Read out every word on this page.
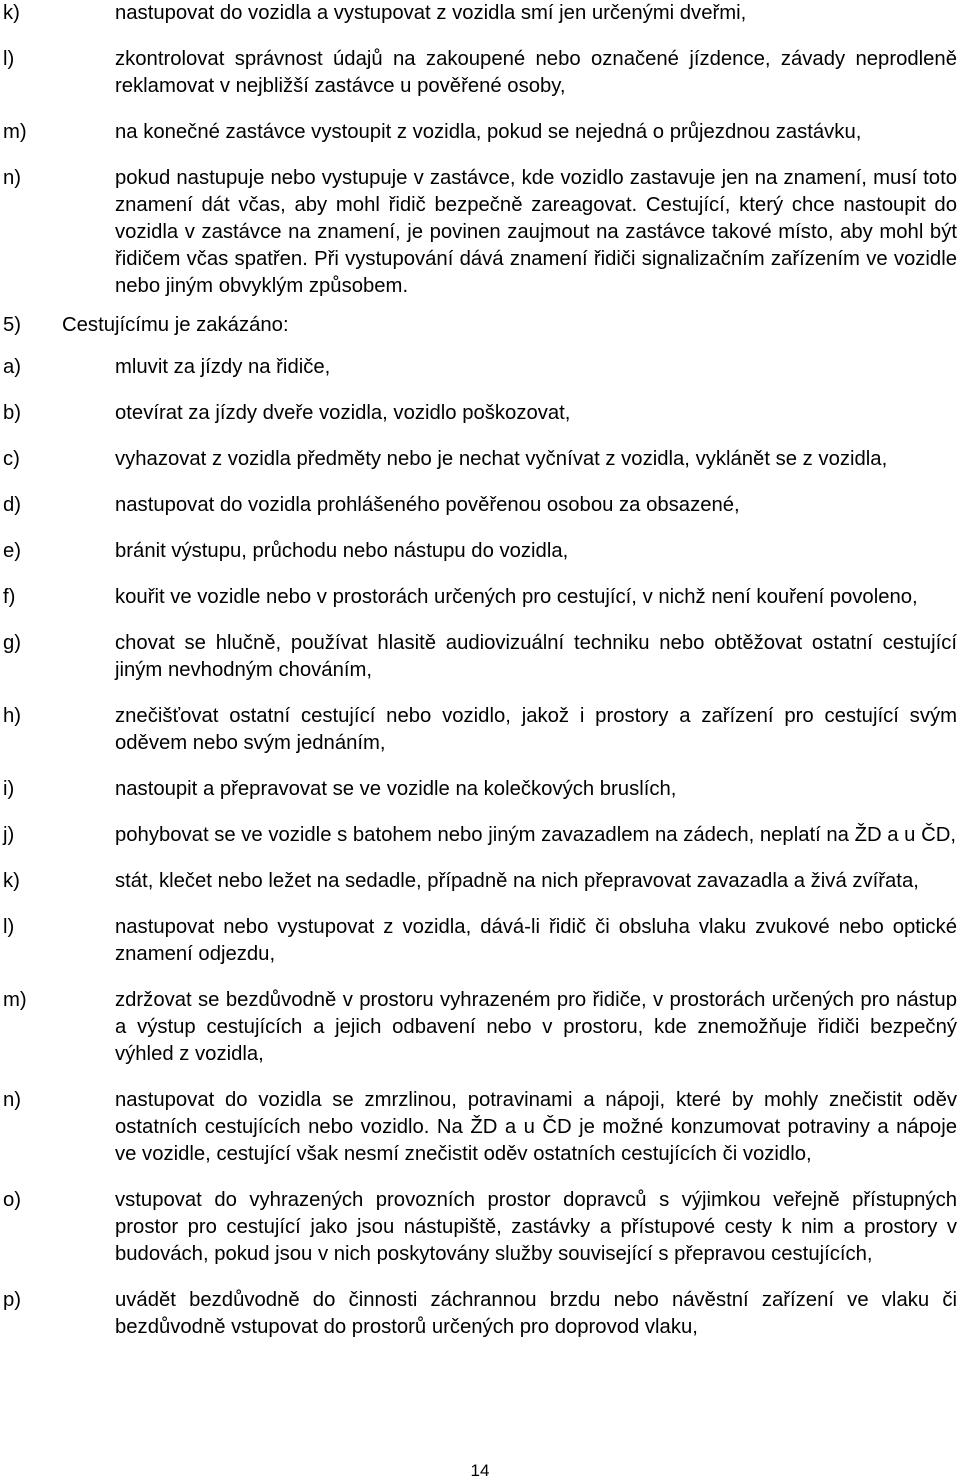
k)	nastupovat do vozidla a vystupovat z vozidla smí jen určenými dveřmi,
l)	zkontrolovat správnost údajů na zakoupené nebo označené jízdence, závady neprodleně reklamovat v nejbližší zastávce u pověřené osoby,
m)	na konečné zastávce vystoupit z vozidla, pokud se nejedná o průjezdnou zastávku,
n)	pokud nastupuje nebo vystupuje v zastávce, kde vozidlo zastavuje jen na znamení, musí toto znamení dát včas, aby mohl řidič bezpečně zareagovat. Cestující, který chce nastoupit do vozidla v zastávce na znamení, je povinen zaujmout na zastávce takové místo, aby mohl být řidičem včas spatřen. Při vystupování dává znamení řidiči signalizačním zařízením ve vozidle nebo jiným obvyklým způsobem.
5) Cestujícímu je zakázáno:
a)	mluvit za jízdy na řidiče,
b)	otevírat za jízdy dveře vozidla, vozidlo poškozovat,
c)	vyhazovat z vozidla předměty nebo je nechat vyčnívat z vozidla, vyklánět se z vozidla,
d)	nastupovat do vozidla prohlášeného pověřenou osobou za obsazené,
e)	bránit výstupu, průchodu nebo nástupu do vozidla,
f)	kouřit ve vozidle nebo v prostorách určených pro cestující, v nichž není kouření povoleno,
g)	chovat se hlučně, používat hlasitě audiovizuální techniku nebo obtěžovat ostatní cestující jiným nevhodným chováním,
h)	znečišťovat ostatní cestující nebo vozidlo, jakož i prostory a zařízení pro cestující svým oděvem nebo svým jednáním,
i)	nastoupit a přepravovat se ve vozidle na kolečkových bruslích,
j)	pohybovat se ve vozidle s batohem nebo jiným zavazadlem na zádech, neplatí na ŽD a u ČD,
k)	stát, klečet nebo ležet na sedadle, případně na nich přepravovat zavazadla a živá zvířata,
l)	nastupovat nebo vystupovat z vozidla, dává-li řidič či obsluha vlaku zvukové nebo optické znamení odjezdu,
m)	zdržovat se bezdůvodně v prostoru vyhrazeném pro řidiče, v prostorách určených pro nástup a výstup cestujících a jejich odbavení nebo v prostoru, kde znemožňuje řidiči bezpečný výhled z vozidla,
n)	nastupovat do vozidla se zmrzlinou, potravinami a nápoji, které by mohly znečistit oděv ostatních cestujících nebo vozidlo. Na ŽD a u ČD je možné konzumovat potraviny a nápoje ve vozidle, cestující však nesmí znečistit oděv ostatních cestujících či vozidlo,
o)	vstupovat do vyhrazených provozních prostor dopravců s výjimkou veřejně přístupných prostor pro cestující jako jsou nástupiště, zastávky a přístupové cesty k nim a prostory v budovách, pokud jsou v nich poskytovány služby související s přepravou cestujících,
p)	uvádět bezdůvodně do činnosti záchrannou brzdu nebo návěstní zařízení ve vlaku či bezdůvodně vstupovat do prostorů určených pro doprovod vlaku,
14
